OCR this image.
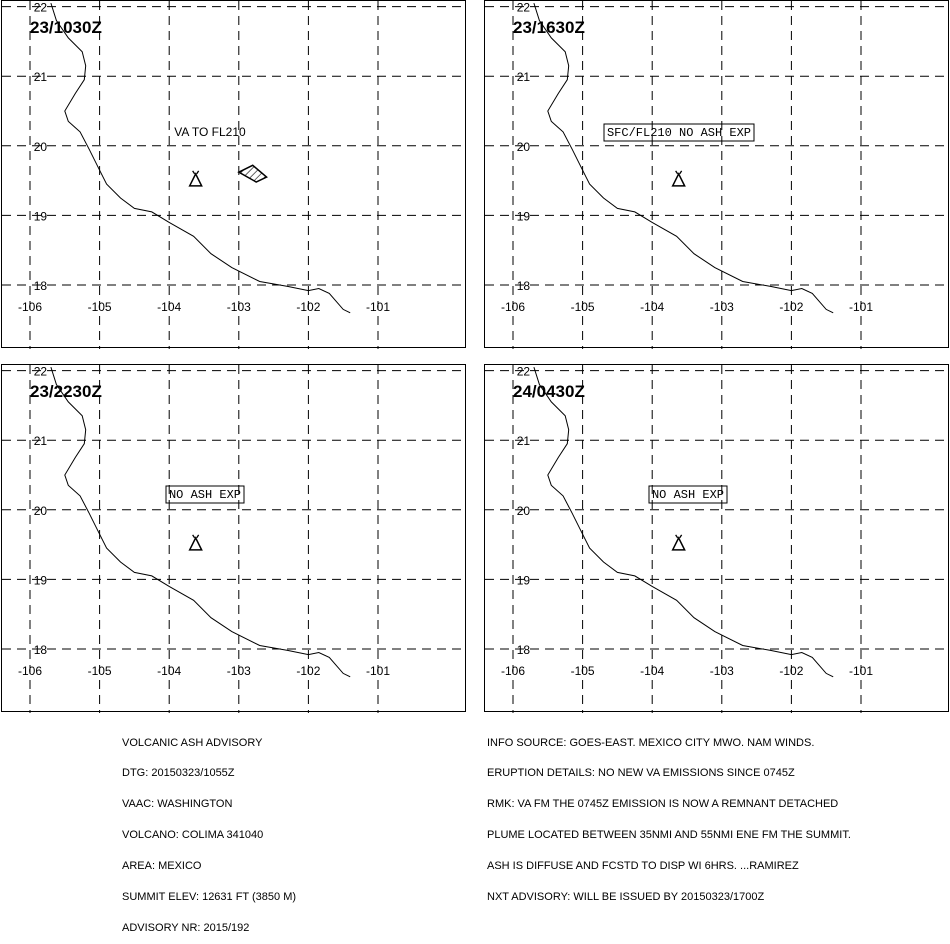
-106	-105	-104	-103	-102	-101
22
21
20
19
18
VA TO FL210
23/1030Z
-106	-105	-104	-103	-102	-101
22
21
20
19
18
SFC/FL210 NO ASH EXP
23/1630Z
-106	-105	-104	-103	-102	-101
22
21
20
19
18
NO ASH EXP
23/2230Z
-106	-105	-104	-103	-102	-101
22
21
20
19
18
NO ASH EXP
24/0430Z

VOLCANIC ASH ADVISORY

DTG: 20150323/1055Z

VAAC: WASHINGTON

VOLCANO: COLIMA 341040

AREA: MEXICO

SUMMIT ELEV: 12631 FT (3850 M)

ADVISORY NR: 2015/192

INFO SOURCE: GOES-EAST. MEXICO CITY MWO. NAM WINDS.

ERUPTION DETAILS: NO NEW VA EMISSIONS SINCE 0745Z

RMK: VA FM THE 0745Z EMISSION IS NOW A REMNANT DETACHED

PLUME LOCATED BETWEEN 35NMI AND 55NMI ENE FM THE SUMMIT.

ASH IS DIFFUSE AND FCSTD TO DISP WI 6HRS. ...RAMIREZ

NXT ADVISORY: WILL BE ISSUED BY 20150323/1700Z
